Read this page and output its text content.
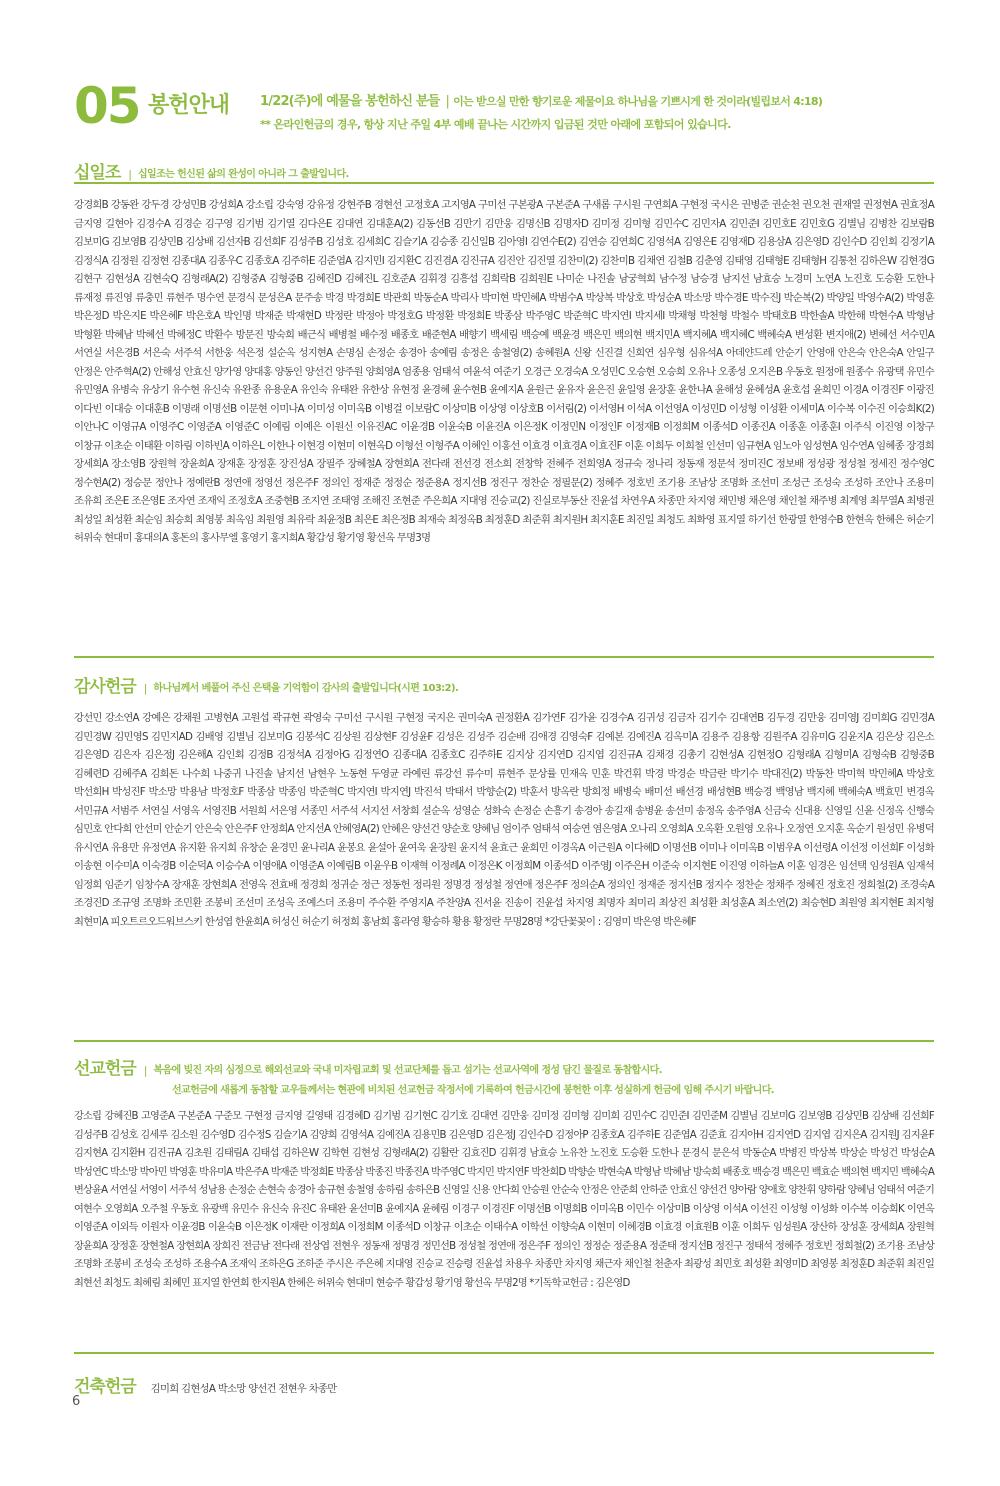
05 봉헌안내 1/22(주)에 예물을 봉헌하신 분들 | 이는 받으실 만한 향기로운 제물이요 하나님을 기쁘시게 한 것이라(빌립보서 4:18)
** 온라인헌금의 경우, 항상 지난 주일 4부 예배 끝나는 시간까지 입금된 것만 아래에 포함되어 있습니다.
십일조 | 십일조는 헌신된 삶의 완성이 아니라 그 출발입니다.
강경희B 강동완 강두경 강성민B 강성희A 강소립 강숙영 강유정 강현주B 경현선 고정호A 고지영A 구미선 구본광A 구본준A 구새롬 구시원 구연희A 구현정 국시은 권병준 권순천 권오천 권재열 권정현A 권효정A 금지영 길현아 김경수A 김경순 김구영 김기범 김기열 김다은E 김대연 김대훈A(2) 김동선B 김만기 김만웅 김명신B 김명자D 김미정 김미형 김민수C 김민자A 김민준I 김민호E 김민호G 김별님 김병찬 김보람B 김보미G 김보영B 김상민B 김상배 김선자B 김선희F 김성주B 김성호 김세희C 김슬기A 김승종 김신일B 김아영I 김연수E(2) 김연승 김연희C 김영석A 김영은E 김영재D 김용삼A 김은영D 김인수D 김인회 김정기A 김정식A 김정원 김정현 김종대A 김종우C 김종호A 김주하E 김준엽A 김지민I 김지환C 김진겸A 김진규A 김진안 김진열 김찬미(2) 김찬미B 김채연 김철B 김춘영 김태영 김태형E 김태형H 김통천 김하은W 김현경G 김현구 김현성A 김현숙Q 김형래A(2) 김형중A 김형중B 김혜진D 김혜진L 김호준A 김휘경 김흥섭 김희락B 김희원E 나미순 나진솔 남궁혁희 남수정 남승경 남지선 남효승 노경미 노연A 노진호 도승환 도한나 류재정 류진영 류충민 류현주 명수연 문경식 문성은A 문주송 박경 박경희E 박관희 박동순A 박리사 박미현 박민혜A 박범수A 박상복 박상호 박성순A 박소망 박수경E 박수진J 박순복(2) 박양일 박영수A(2) 박영훈 박은정D 박은지E 박은혜F 박은호A 박인명 박재준 박재현D 박정란 박정아 박정호G 박정환 박정희E 박종삼 박주영C 박준혁C 박지연I 박지세I 박채형 박천형 박철수 박태호B 박한솔A 박한해 박현수A 박형남 박형환 박혜남 박혜선 박혜정C 박환수 방문진 방숙희 배근식 배병철 배수정 배종호 배준현A 배향기 백세림 백승예 백윤경 백은민 백의현 백지민A 백지혜A 백지혜C 백혜숙A 변성환 변지애(2) 변혜선 서수민A 서연실 서은경B 서은숙 서주석 서한웅 석은정 설순옥 성지현A 손명심 손정순 송경아 송예림 송정은 송철영(2) 송혜원A 신왕 신진결 신희연 심우형 심유석A 아데얀드레 안순기 안영애 안은숙 안은숙A 안일구 안정은 안주혁A(2) 안해성 안효신 양가영 양대홍 양동인 양선건 양주원 양희영A 엄종용 엄태석 여윤석 여준기 오경근 오경숙A 오성민C 오승현 오승희 오유나 오종성 오지은B 우동호 원정애 원종수 유광택 유민수 유민영A 유병숙 유상기 유수현 유신숙 유완종 유용운A 유인숙 유태완 유한상 유현정 윤경혜 윤수현B 윤예지A 윤원근 윤유자 윤은진 윤일영 윤장훈 윤한나A 윤해성 윤혜성A 윤호섭 윤희민 이경A 이경진F 이광진 이다빈 이대승 이대훈B 이명래 이명선B 이문현 이미나A 이미성 이미옥B 이병걸 이보람C 이상미B 이상영 이상호B 이서림(2) 이서영H 이석A 이선영A 이성민D 이성형 이성환 이세미A 이수복 이수진 이승희K(2) 이안나C 이영규A 이영주C 이영준A 이영준C 이예림 이예은 이원신 이유진AC 이윤경B 이윤숙B 이윤진A 이은정K 이정민N 이정인F 이정재B 이정희M 이종석D 이종진A 이종훈 이종훈I 이주식 이진영 이창구 이창규 이초순 이태환 이하림 이하빈A 이하은L 이한나 이현경 이현미 이현옥D 이형선 이형주A 이혜인 이홍선 이효경 이효경A 이효진F 이훈 이희두 이희철 인선미 임규현A 임노아 임성현A 임수연A 임혜종 장경희 장세희A 장소영B 장원혁 장윤희A 장재훈 장정훈 장진성A 장필주 장혜철A 장현희A 전다래 전선경 전소희 전창학 전혜주 전희영A 정규숙 정나리 정동재 정문석 정미진C 정보배 정성광 정성철 정세진 정수영C 정수현A(2) 정승문 정안나 정예란B 정연애 정영선 정은주F 정의인 정재준 정정순 정준용A 정지선B 정진구 정찬순 정필문(2) 정혜주 정호빈 조기용 조남상 조명화 조선미 조성근 조성숙 조성하 조안나 조용미 조유희 조은E 조은영E 조자연 조재익 조정호A 조중현B 조지연 조태영 조해진 조현준 주은희A 지대영 진승교(2) 진실로부동산 진윤섭 차연우A 차종만 차지영 채민병 채은영 채인철 채주병 최계영 최무열A 최병권 최성일 최성환 최순임 최승희 최영봉 최옥임 최원영 최유락 최윤정B 최은E 최은정B 최재숙 최정옥B 최정훈D 최준휘 최지원H 최지훈E 최진일 최청도 최화영 표지열 하기선 한광열 한영수B 한현옥 한혜은 허순기 허위숙 현대미 홍대의A 홍돈의 홍사무엘 홍영기 홍지희A 황갑성 황기영 황선옥 무명3명
감사헌금 | 하나님께서 베풀어 주신 은택을 기억함이 감사의 출발입니다(시편 103:2).
강선민 강소연A 강예은 강채원 고병현A 고원섭 곽규현 곽영숙 구미선 구시원 구현정 국지은 권미숙A 권정환A 김가연F 김가윤 김경수A 김귀성 김금자 김기수 김대연B 김두경 김만웅 김미영J 김미희G 김민경A 김민경W 김민영S 김민지AD 김배영 김별님 김보미G 김봉석C 김상원 김상현F 김성윤F 김성은 김성주 김순배 김애경 김영숙F 김예본 김예진A 김옥미A 김용주 김용항 김원주A 김유미G 김윤지A 김은상 김은소 김은영D 김은자 김은정J 김은해A 김인회 김정B 김정석A 김정아G 김정연O 김종대A 김종호C 김주하E 김지상 김지연D 김지엽 김진규A 김채경 김총기 김현성A 김현정O 김형래A 김형미A 김형숙B 김형중B 김혜련D 김혜주A 김희돈 나수희 나중귀 나진솔 남지선 남현우 노동현 두영균 라예린 류강선 류수미 류현주 문상률 민재옥 민훈 박건휘 박경 박경순 박금란 박기수 박대진(2) 박동찬 박미혁 박민혜A 박상호 박선희H 박성진F 박소망 박용남 박정호F 박종삼 박종임 박준혁C 박지연I 박지연J 박진석 박태서 박향순(2) 박훈서 방옥란 방희정 배병숙 배미선 배선경 배성현B 백승경 백영남 백지혜 백혜숙A 백효민 변경옥 서민규A 서범주 서연실 서영옥 서영진B 서원희 서은영 서종민 서주석 서지선 서창희 설순옥 성영순 성화숙 손정순 손흥기 송경아 송길재 송병윤 송선미 송정옥 송주영A 신금숙 신대용 신영일 신윤 신정옥 신행숙 심민호 안다희 안선미 안순기 안은숙 안은주F 안정희A 안지선A 안혜영A(2) 안혜은 양선건 양순호 양혜님 엄이주 엄태석 여승연 염은영A 오나리 오영희A 오옥환 오원영 오유나 오정연 오지훈 옥순기 원성민 유병덕 유시연A 유용만 유정연A 유지환 유지희 유창순 윤경민 윤나리A 윤봉요 윤설아 윤여욱 윤장원 윤지석 윤효근 윤희민 이경옥A 이근원A 이다혜D 이명선B 이미나 이미옥B 이범우A 이선령A 이선정 이선희F 이성화 이송현 이수미A 이숙경B 이순덕A 이승수A 이영애A 이영준A 이예림B 이윤우B 이재혁 이정례A 이정은K 이정희M 이종석D 이주영J 이주은H 이준숙 이지현E 이진영 이하늘A 이훈 임경은 임선택 임성원A 임재석 임정희 임준기 임창수A 장재훈 장현희A 전영옥 전효배 정경희 정귀순 정근 정동헌 정리원 정명경 정성철 정연애 정은주F 정의순A 정의인 정재준 정지선B 정지수 정찬순 정채주 정혜진 정호진 정희철(2) 조경숙A 조경진D 조규영 조명화 조민환 조봉비 조선미 조성옥 조예스더 조용미 주수환 주영지A 주찬양A 진서윤 진송이 진윤섭 차지영 최명자 최미리 최상진 최성환 최성훈A 최소연(2) 최승현D 최원영 최지현E 최지형 최현미A 피오트르오드워브스키 한성엽 한윤희A 허성신 허순기 허정희 홍남희 홍라영 황승하 황용 황정란 무명28명 *강단꽃꽂이 : 김영미 박은영 박은혜F
선교헌금 | 복음에 빚진 자의 심정으로 해외선교와 국내 미자립교회 및 선교단체를 돕고 섬기는 선교사역에 정성 담긴 물질로 동참합시다.
선교헌금에 새롭게 동참할 교우들께서는 현관에 비치된 선교헌금 작정서에 기록하여 헌금시간에 봉헌한 이후 성실하게 헌금에 임해 주시기 바랍니다.
강소립 강혜진B 고영준A 구본준A 구준모 구현정 금지영 길영태 김경혜D 김기범 김기현C 김기호 김대연 김만웅 김미정 김미형 김미희 김민수C 김민준I 김민준M 김별님 김보미G 김보영B 김상민B 김상배 김선희F 김성주B 김성호 김세루 김소원 김수영D 김수정S 김슬기A 김양희 김영석A 김예진A 김용민B 김은영D 김은정J 김인수D 김정아P 김종호A 김주하E 김준엽A 김준효 김지아H 김지연D 김지엽 김지은A 김지원J 김지윤F 김지현A 김지환H 김진규A 김초원 김태림A 김태섭 김하은W 김학현 김현성 김형래A(2) 김활란 김효진D 김휘경 남효승 노유찬 노진호 도승환 도한나 문경식 문은석 박동순A 박병진 박상복 박상순 박성건 박성순A 박성연C 박소망 박아민 박영훈 박유미A 박은주A 박재준 박정희E 박종삼 박종진 박종진A 박주영C 박지민 박지연F 박찬희D 박향순 박현숙A 박형남 박혜남 방숙희 배종호 백승경 백은민 백효순 백의현 백지민 백혜숙A 변상윤A 서연실 서영이 서주석 성남용 손정순 손현숙 송경아 송규현 송철영 송하림 송하은B 신영일 신용 안다희 안승원 안순숙 안정은 안준희 안하준 안효신 양선건 양아람 양애호 양찬휘 양하람 양혜님 엄태석 여준기 여현수 오영희A 오주철 우동호 유광백 유민수 유신숙 유진C 유태완 윤선미B 윤예지A 윤혜림 이경구 이경진F 이명선B 이명희B 이미옥B 이민수 이상미B 이상영 이석A 이선진 이성형 이성화 이수복 이승희K 이연옥 이영준A 이외득 이원자 이윤경B 이윤숙B 이은정K 이재란 이정희A 이정희M 이종석D 이창규 이초순 이태수A 이학선 이향숙A 이현미 이혜경B 이효경 이효원B 이훈 이희두 임성원A 장산하 장성훈 장세희A 장원혁 장윤희A 장정훈 장현철A 장현희A 장희진 전금남 전다래 전상엽 전현우 정동재 정명경 정민선B 정성철 정연애 정은주F 정의인 정정순 정준용A 정준태 정지선B 정진구 정태석 정혜주 정호빈 정희철(2) 조기용 조남상 조명화 조봉비 조성숙 조성하 조용수A 조재익 조하은G 조하준 주시은 주은혜 지대영 진승교 진승령 진윤섭 차용우 차종만 차지영 채근자 채인철 천춘자 최광성 최민호 최성환 최영미D 최영봉 최정훈D 최준휘 최진일 최현선 최청도 최혜림 최혜민 표지열 한연희 한지원A 한혜은 허위숙 현대미 현승주 황갑성 황기영 황선옥 무명2명 *기독학교헌금 : 김은영D
건축헌금 김미희 김현성A 박소망 양선건 전현우 차종만
6
